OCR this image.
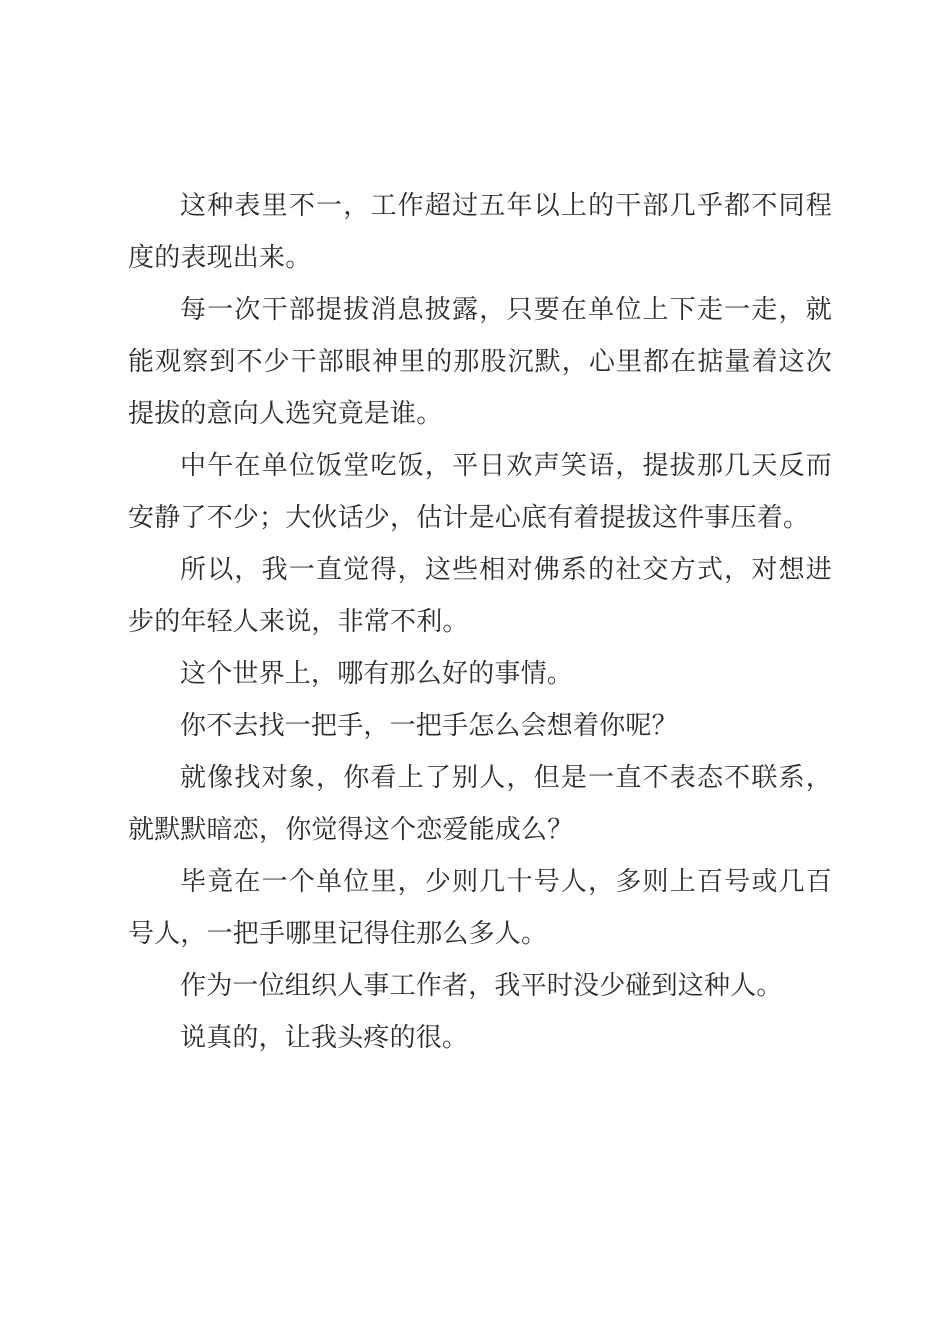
这种表里不一，工作超过五年以上的干部几乎都不同程度的表现出来。

每一次干部提拔消息披露，只要在单位上下走一走，就能观察到不少干部眼神里的那股沉默，心里都在掂量着这次提拔的意向人选究竟是谁。

中午在单位饭堂吃饭，平日欢声笑语，提拔那几天反而安静了不少；大伙话少，估计是心底有着提拔这件事压着。

所以，我一直觉得，这些相对佛系的社交方式，对想进步的年轻人来说，非常不利。

这个世界上，哪有那么好的事情。

你不去找一把手，一把手怎么会想着你呢？

就像找对象，你看上了别人，但是一直不表态不联系，就默默暗恋，你觉得这个恋爱能成么？

毕竟在一个单位里，少则几十号人，多则上百号或几百号人，一把手哪里记得住那么多人。

作为一位组织人事工作者，我平时没少碰到这种人。

说真的，让我头疼的很。
